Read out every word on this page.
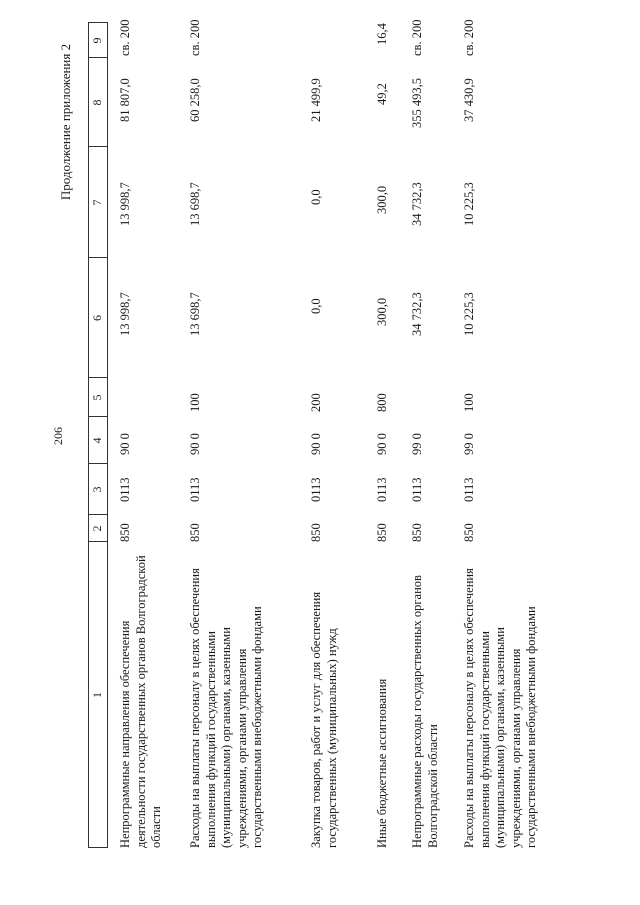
206
Продолжение приложения 2
1
2
3
4
5
6
7
8
9
Непрограммные направления обеспечения деятельности государственных органов Волгоградской области
850
0113
90 0
13 998,7
13 998,7
81 807,0
св. 200
Расходы на выплаты персоналу в целях обеспечения выполнения функций государственными (муниципальными) органами, казенными учреждениями, органами управления государственными внебюджетными фондами
850
0113
90 0
100
13 698,7
13 698,7
60 258,0
св. 200
Закупка товаров, работ и услуг для обеспечения государственных (муниципальных) нужд
850
0113
90 0
200
0,0
0,0
21 499,9
Иные бюджетные ассигнования
850
0113
90 0
800
300,0
300,0
49,2
16,4
Непрограммные расходы государственных органов Волгоградской области
850
0113
99 0
34 732,3
34 732,3
355 493,5
св. 200
Расходы на выплаты персоналу в целях обеспечения выполнения функций государственными (муниципальными) органами, казенными учреждениями, органами управления государственными внебюджетными фондами
850
0113
99 0
100
10 225,3
10 225,3
37 430,9
св. 200
